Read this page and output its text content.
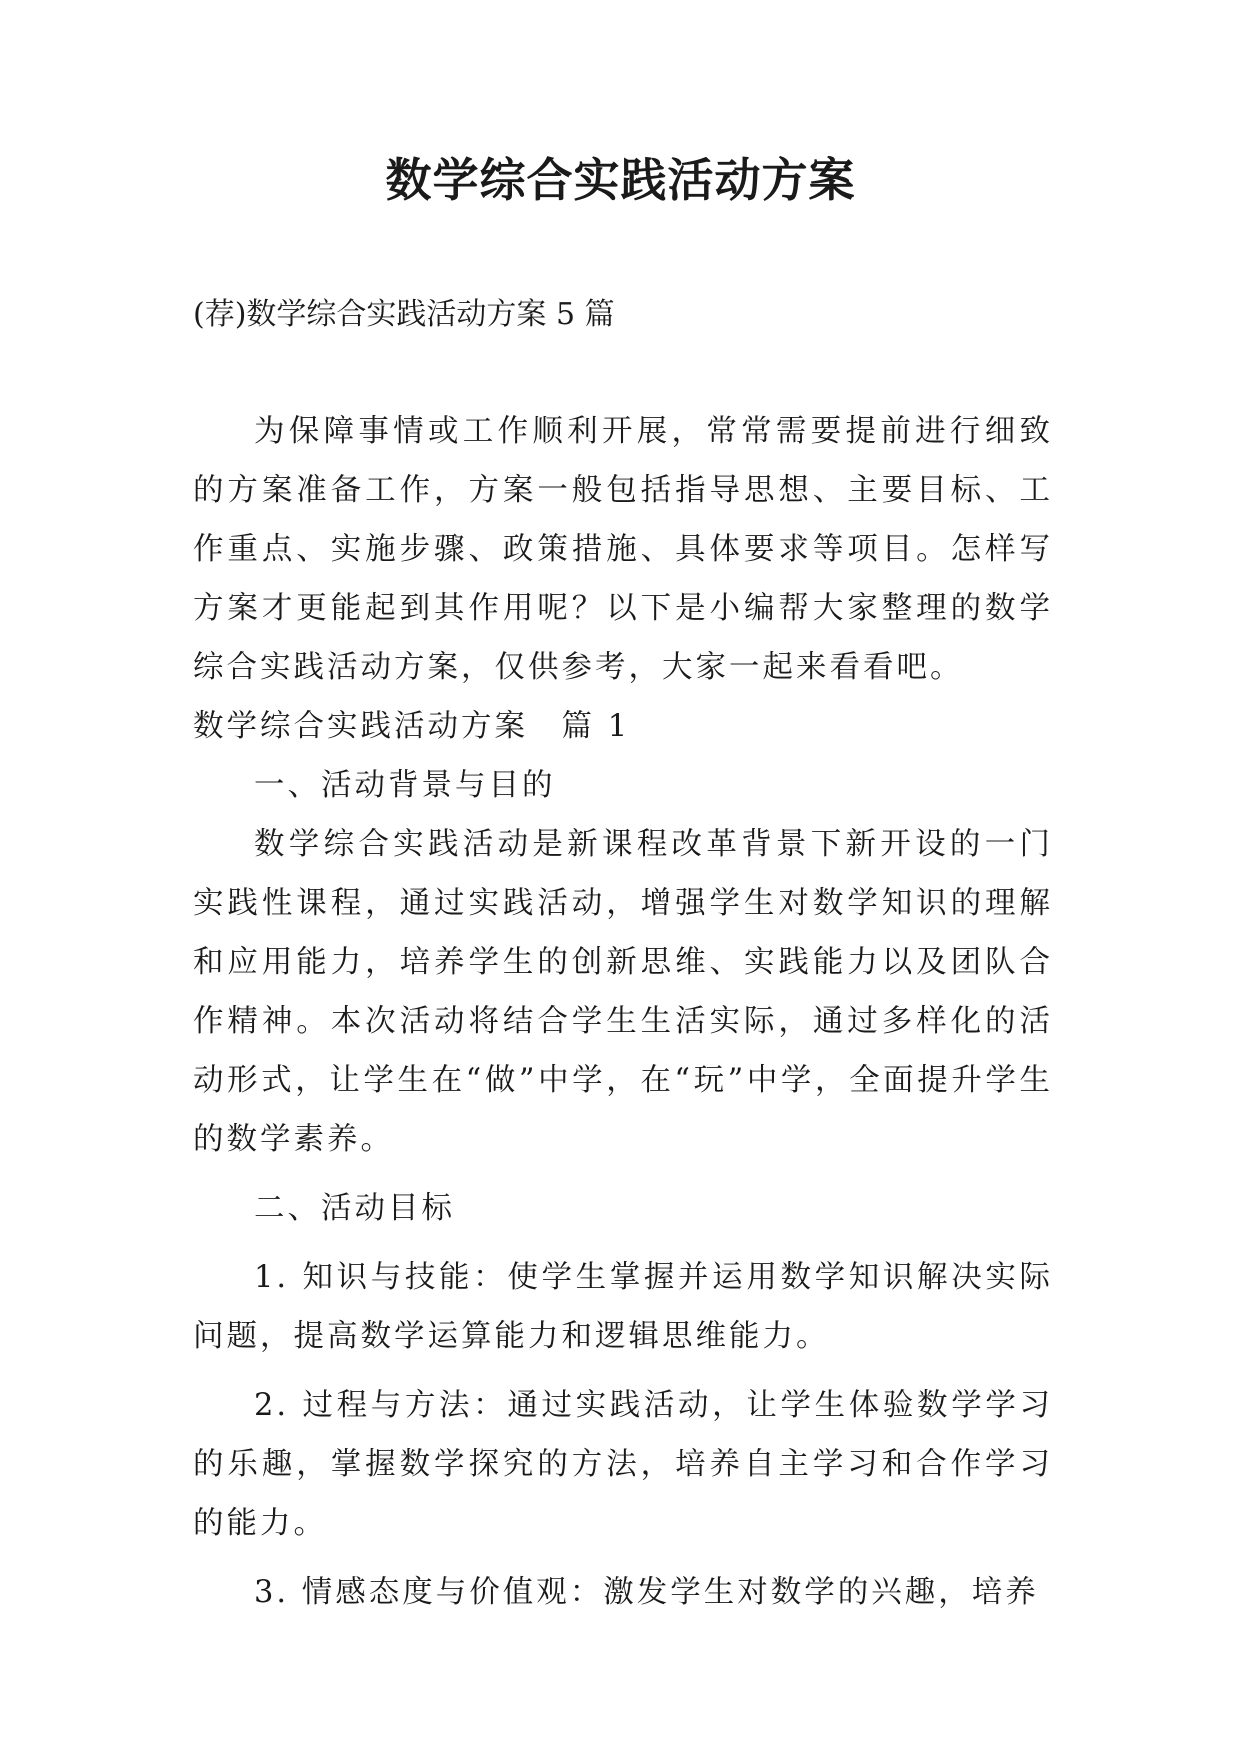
数学综合实践活动方案

(荐)数学综合实践活动方案 5 篇

为保障事情或工作顺利开展，常常需要提前进行细致的方案准备工作，方案一般包括指导思想、主要目标、工作重点、实施步骤、政策措施、具体要求等项目。怎样写方案才更能起到其作用呢？以下是小编帮大家整理的数学综合实践活动方案，仅供参考，大家一起来看看吧。

数学综合实践活动方案　篇 1

一、活动背景与目的

数学综合实践活动是新课程改革背景下新开设的一门实践性课程，通过实践活动，增强学生对数学知识的理解和应用能力，培养学生的创新思维、实践能力以及团队合作精神。本次活动将结合学生生活实际，通过多样化的活动形式，让学生在“做”中学，在“玩”中学，全面提升学生的数学素养。

二、活动目标

1. 知识与技能：使学生掌握并运用数学知识解决实际问题，提高数学运算能力和逻辑思维能力。

2. 过程与方法：通过实践活动，让学生体验数学学习的乐趣，掌握数学探究的方法，培养自主学习和合作学习的能力。

3. 情感态度与价值观：激发学生对数学的兴趣，培养
